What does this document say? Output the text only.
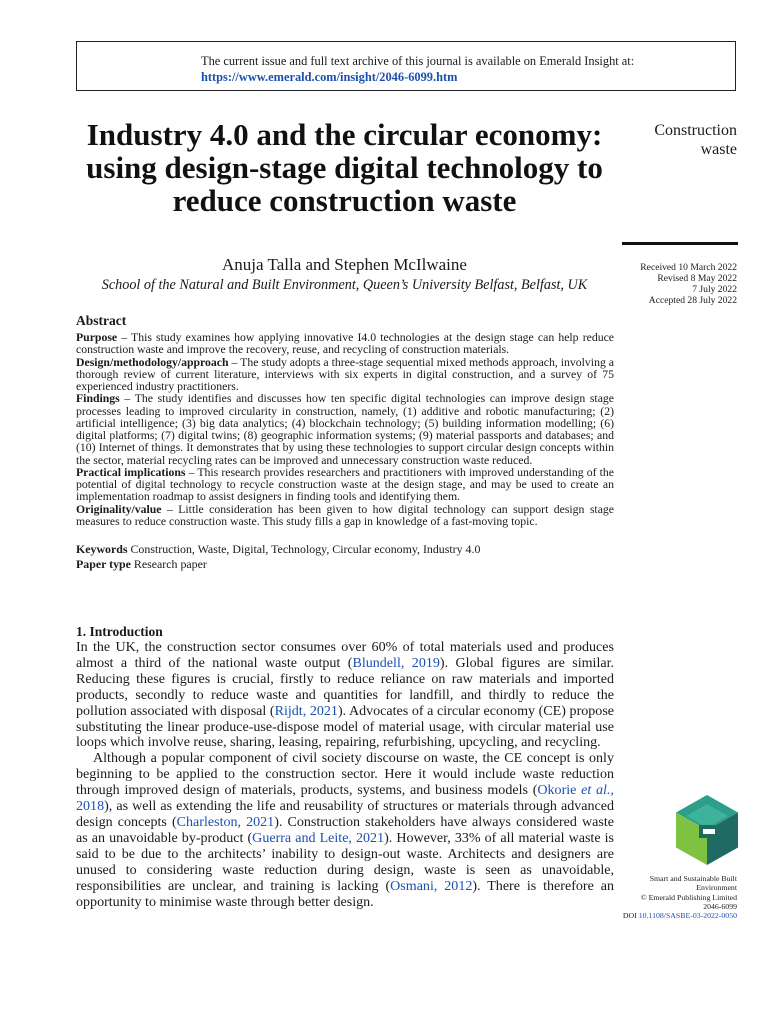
The current issue and full text archive of this journal is available on Emerald Insight at:
https://www.emerald.com/insight/2046-6099.htm
Industry 4.0 and the circular economy: using design-stage digital technology to reduce construction waste
Anuja Talla and Stephen McIlwaine
School of the Natural and Built Environment, Queen’s University Belfast, Belfast, UK
Construction
waste
Received 10 March 2022
Revised 8 May 2022
7 July 2022
Accepted 28 July 2022
Abstract

Purpose – This study examines how applying innovative I4.0 technologies at the design stage can help reduce construction waste and improve the recovery, reuse, and recycling of construction materials.

Design/methodology/approach – The study adopts a three-stage sequential mixed methods approach, involving a thorough review of current literature, interviews with six experts in digital construction, and a survey of 75 experienced industry practitioners.

Findings – The study identifies and discusses how ten specific digital technologies can improve design stage processes leading to improved circularity in construction, namely, (1) additive and robotic manufacturing; (2) artificial intelligence; (3) big data analytics; (4) blockchain technology; (5) building information modelling; (6) digital platforms; (7) digital twins; (8) geographic information systems; (9) material passports and databases; and (10) Internet of things. It demonstrates that by using these technologies to support circular design concepts within the sector, material recycling rates can be improved and unnecessary construction waste reduced.

Practical implications – This research provides researchers and practitioners with improved understanding of the potential of digital technology to recycle construction waste at the design stage, and may be used to create an implementation roadmap to assist designers in finding tools and identifying them.

Originality/value – Little consideration has been given to how digital technology can support design stage measures to reduce construction waste. This study fills a gap in knowledge of a fast-moving topic.

Keywords Construction, Waste, Digital, Technology, Circular economy, Industry 4.0
Paper type Research paper
1. Introduction

In the UK, the construction sector consumes over 60% of total materials used and produces almost a third of the national waste output (Blundell, 2019). Global figures are similar. Reducing these figures is crucial, firstly to reduce reliance on raw materials and imported products, secondly to reduce waste and quantities for landfill, and thirdly to reduce the pollution associated with disposal (Rijdt, 2021). Advocates of a circular economy (CE) propose substituting the linear produce-use-dispose model of material usage, with circular material use loops which involve reuse, sharing, leasing, repairing, refurbishing, upcycling, and recycling.

Although a popular component of civil society discourse on waste, the CE concept is only beginning to be applied to the construction sector. Here it would include waste reduction through improved design of materials, products, systems, and business models (Okorie et al., 2018), as well as extending the life and reusability of structures or materials through advanced design concepts (Charleston, 2021). Construction stakeholders have always considered waste as an unavoidable by-product (Guerra and Leite, 2021). However, 33% of all material waste is said to be due to the architects’ inability to design-out waste. Architects and designers are unused to considering waste reduction during design, waste is seen as unavoidable, responsibilities are unclear, and training is lacking (Osmani, 2012). There is therefore an opportunity to minimise waste through better design.

Smart and Sustainable Built
Environment
© Emerald Publishing Limited
2046-6099
DOI 10.1108/SASBE-03-2022-0050
